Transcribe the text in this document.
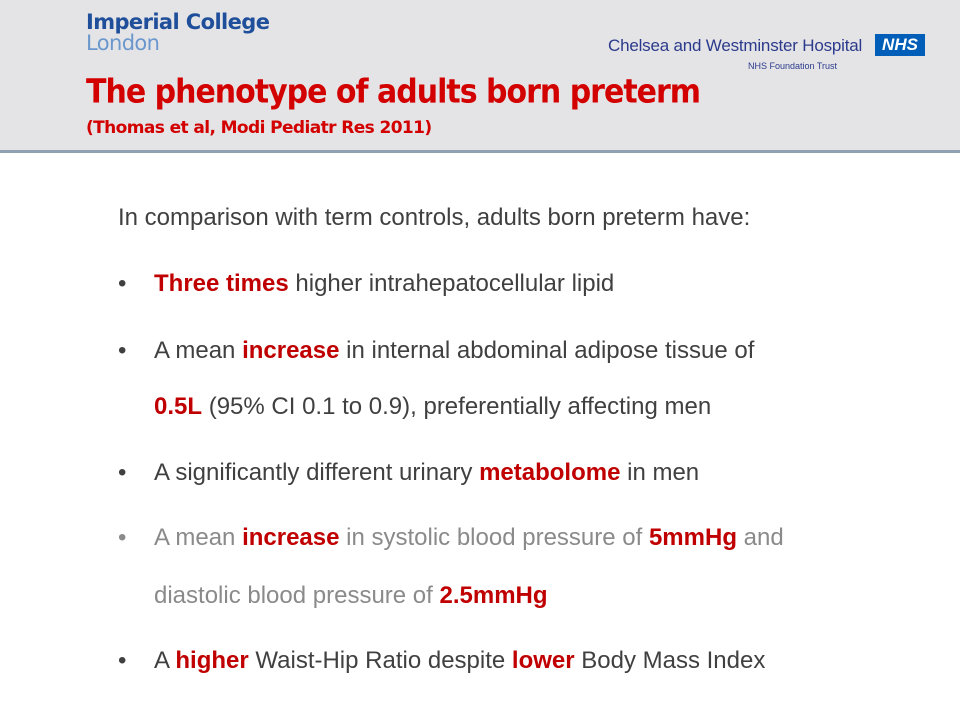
Imperial College
London	Chelsea and Westminster Hospital	NHS
NHS Foundation Trust
The phenotype of adults born preterm
(Thomas et al, Modi Pediatr Res 2011)
In comparison with term controls, adults born preterm have:
•	Three times higher intrahepatocellular lipid
•	A mean increase in internal abdominal adipose tissue of
0.5L (95% CI 0.1 to 0.9), preferentially affecting men
•	A significantly different urinary metabolome in men
•	A mean increase in systolic blood pressure of 5mmHg and
diastolic blood pressure of 2.5mmHg
•	A higher Waist-Hip Ratio despite lower Body Mass Index
